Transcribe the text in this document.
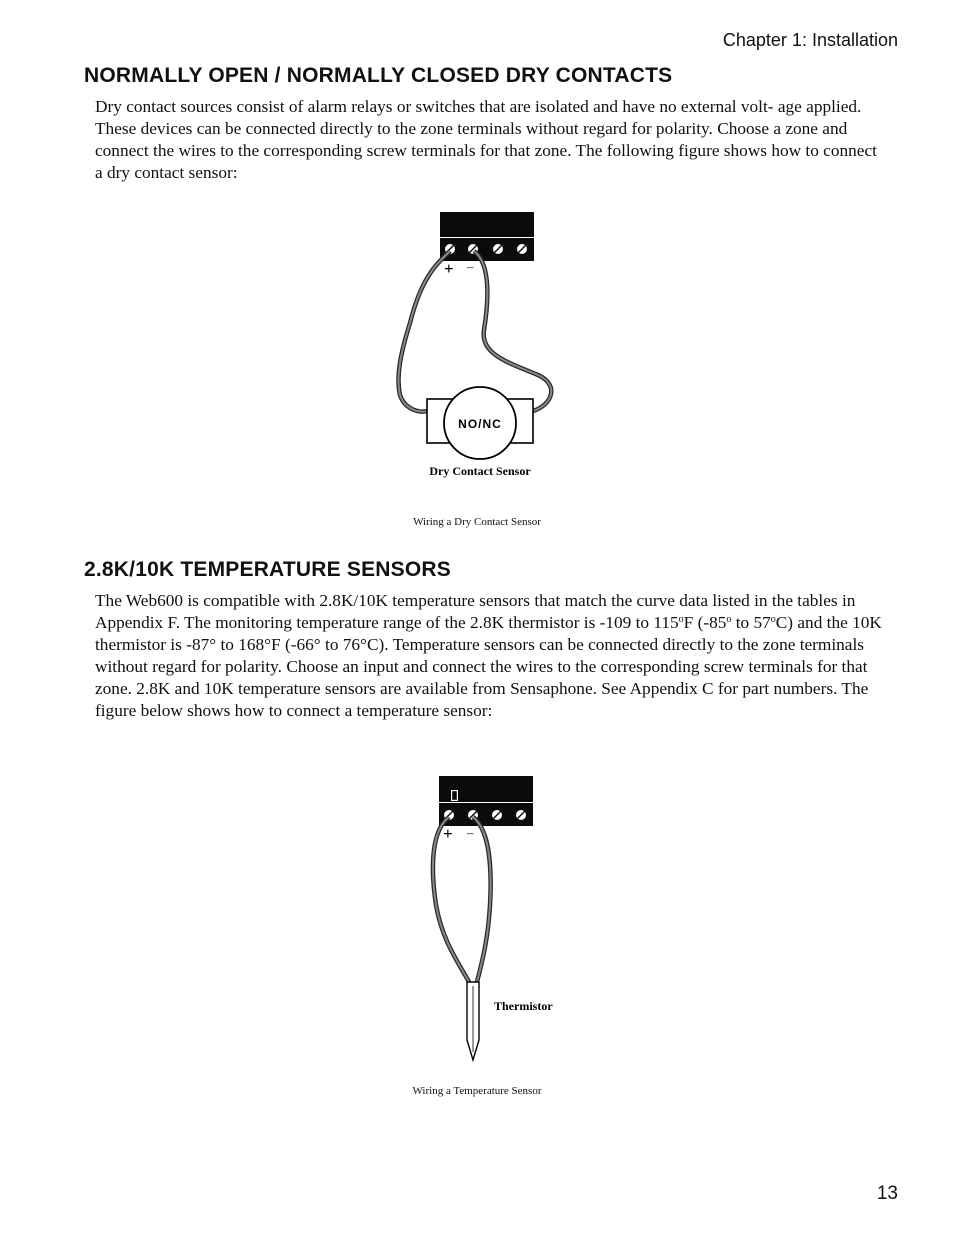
Chapter 1: Installation
NORMALLY OPEN / NORMALLY CLOSED DRY CONTACTS

Dry contact sources consist of alarm relays or switches that are isolated and have no external volt- age applied. These devices can be connected directly to the zone terminals without regard for polarity. Choose a zone and connect the wires to the corresponding screw terminals for that zone. The following figure shows how to connect a dry contact sensor:

+ –
NO/NC
Dry Contact Sensor
Wiring a Dry Contact Sensor
2.8K/10K TEMPERATURE SENSORS

The Web600 is compatible with 2.8K/10K temperature sensors that match the curve data listed in the tables in Appendix F. The monitoring temperature range of the 2.8K thermistor is -109 to 115$^o$F (-85$^o$ to 57$^o$C) and the 10K thermistor is -87° to 168°F (-66° to 76°C). Temperature sensors can be connected directly to the zone terminals without regard for polarity. Choose an input and connect the wires to the corresponding screw terminals for that zone. 2.8K and 10K temperature sensors are available from Sensaphone. See Appendix C for part numbers. The figure below shows how to connect a temperature sensor:

+ –
Thermistor
Wiring a Temperature Sensor
13
